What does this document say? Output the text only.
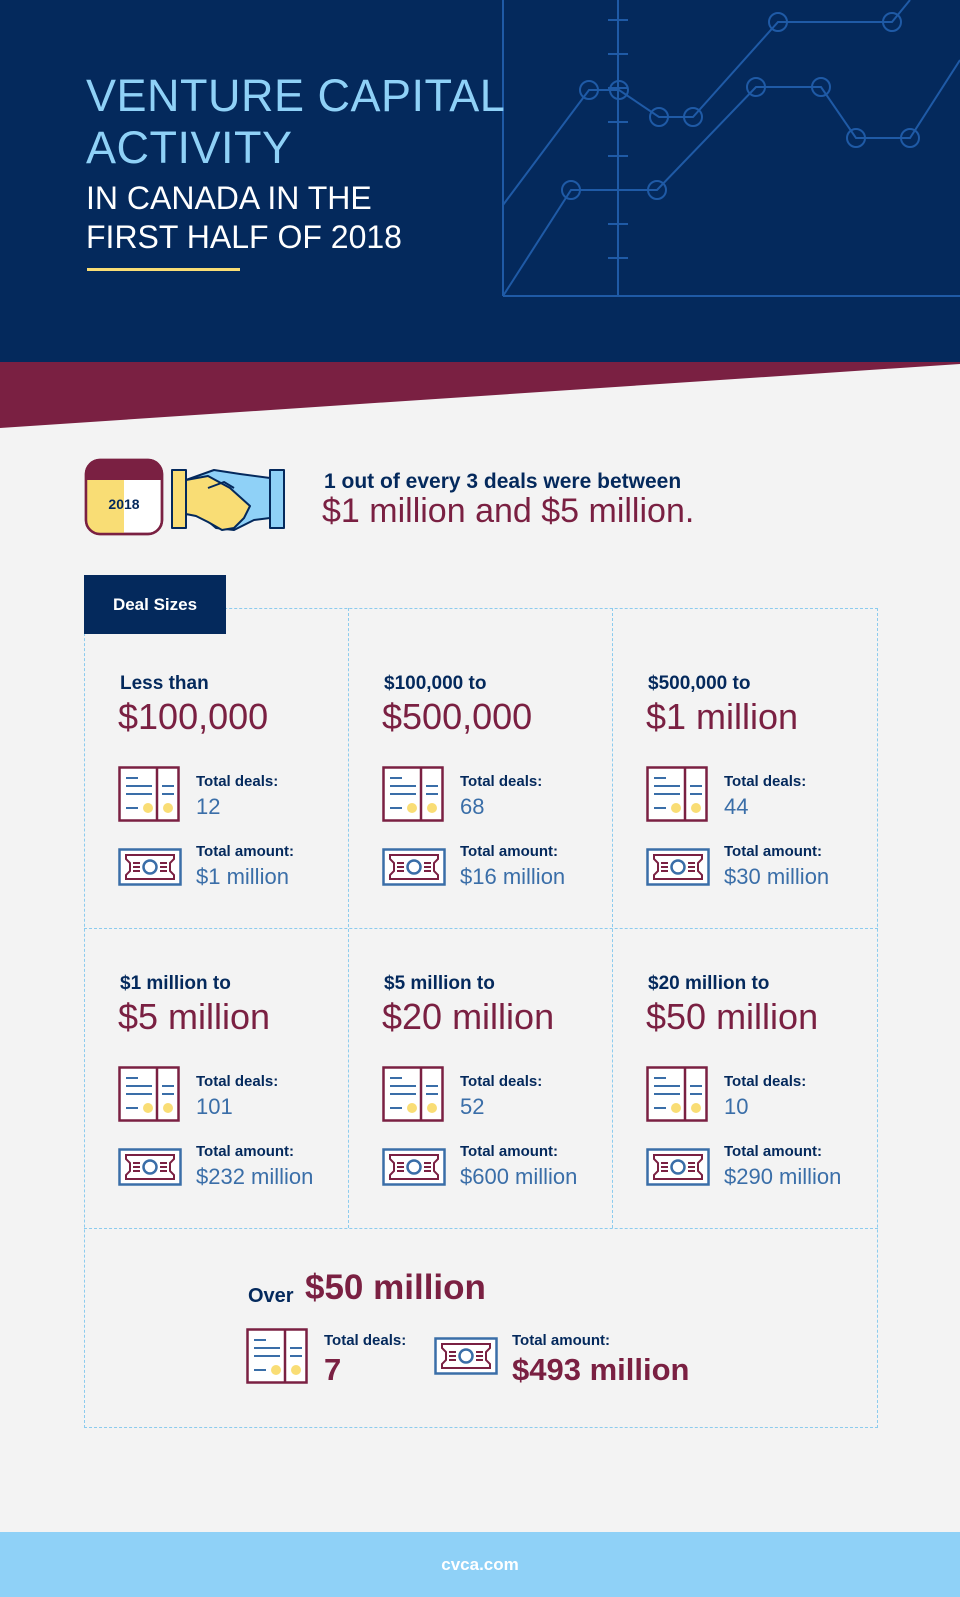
VENTURE CAPITAL
ACTIVITY
IN CANADA IN THE
FIRST HALF OF 2018
2018
1 out of every 3 deals were between
$1 million and $5 million.
Deal Sizes
Less than
$100,000
Total deals:
12
Total amount:
$1 million
$100,000 to
$500,000
Total deals:
68
Total amount:
$16 million
$500,000 to
$1 million
Total deals:
44
Total amount:
$30 million
$1 million to
$5 million
Total deals:
101
Total amount:
$232 million
$5 million to
$20 million
Total deals:
52
Total amount:
$600 million
$20 million to
$50 million
Total deals:
10
Total amount:
$290 million
Over $50 million
Total deals:
7
Total amount:
$493 million
cvca.com
